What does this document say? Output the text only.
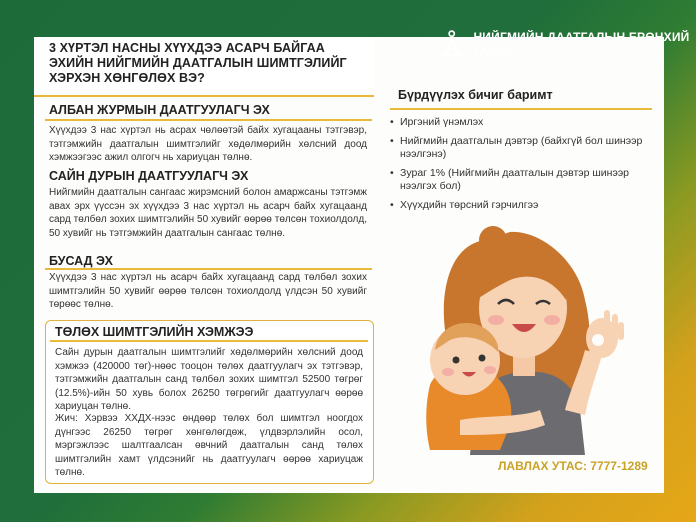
3 ХҮРТЭЛ НАСНЫ ХҮҮХДЭЭ АСАРЧ БАЙГАА ЭХИЙН НИЙГМИЙН ДААТГАЛЫН ШИМТГЭЛИЙГ ХЭРХЭН ХӨНГӨЛӨХ ВЭ?
НИЙГМИЙН ДААТГАЛЫН ЕРӨНХИЙ ГАЗАР
АЛБАН ЖУРМЫН ДААТГУУЛАГЧ ЭХ
Хүүхдээ 3 нас хүртэл нь асрах чөлөөтэй байх хугацааны тэтгэвэр, тэтгэмжийн даатгалын шимтгэлийг хөдөлмөрийн хөлсний доод хэмжээгээс ажил олгогч нь хариуцан төлнө.
САЙН ДУРЫН ДААТГУУЛАГЧ ЭХ
Нийгмийн даатгалын сангаас жирэмсний болон амаржсаны тэтгэмж авах эрх үүссэн эх хүүхдээ 3 нас хүртэл нь асарч байх хугацаанд сард төлбөл зохих шимтгэлийн 50 хувийг өөрөө төлсөн тохиолдолд, 50 хувийг нь тэтгэмжийн даатгалын сангаас төлнө.
БУСАД ЭХ
Хүүхдээ 3 нас хүртэл нь асарч байх хугацаанд сард төлбөл зохих шимтгэлийн 50 хувийг өөрөө төлсөн тохиолдолд үлдсэн 50 хувийг төрөөс төлнө.
ТӨЛӨХ ШИМТГЭЛИЙН ХЭМЖЭЭ
Сайн дурын даатгалын шимтгэлийг хөдөлмөрийн хөлсний доод хэмжээ (420000 төг)-нөөс тооцон төлөх даатгуулагч эх тэтгэвэр, тэтгэмжийн даатгалын санд төлбөл зохих шимтгэл 52500 төгрөг (12.5%)-ийн 50 хувь болох 26250 төгрөгийг даатгуулагч өөрөө хариуцан төлнө.
Жич: Хэрвээ ХХДХ-нээс өндөөр төлөх бол шимтгэл ноогдох дүнгээс 26250 төгрөг хөнгөлөгдөж, үлдвэрлэлийн осол, мэргэжлээс шалтгаалсан өвчний даатгалын санд төлөх шимтгэлийн хамт үлдсэнийг нь даатгуулагч өөрөө хариуцаж төлнө.
Бүрдүүлэх бичиг баримт
• Иргэний үнэмлэх
• Нийгмийн даатгалын дэвтэр (байхгүй бол шинээр нээлгэнэ)
• Зураг 1% (Нийгмийн даатгалын дэвтэр шинээр нээлгэх бол)
• Хүүхдийн төрсний гэрчилгээ
ЛАВЛАХ УТАС: 7777-1289
